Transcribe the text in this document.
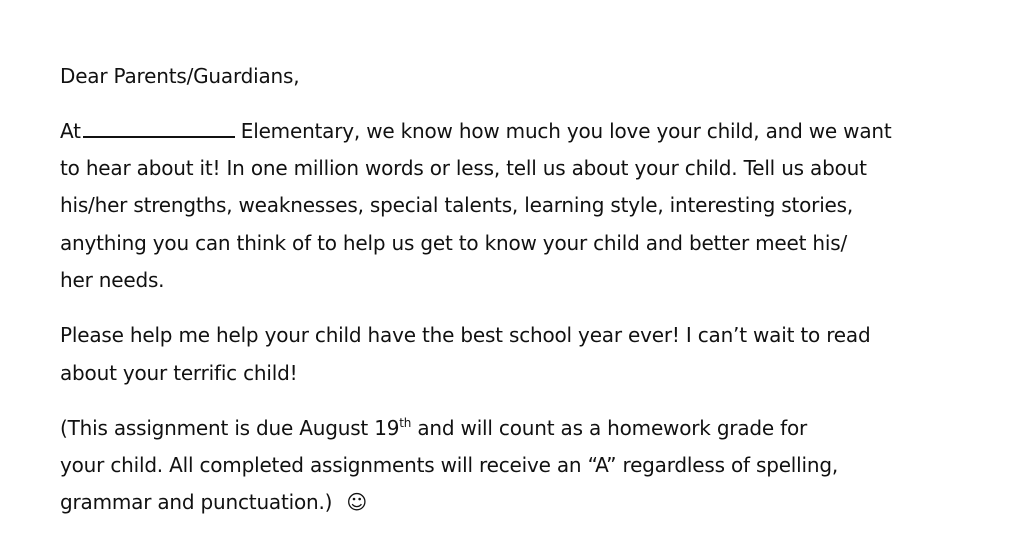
Dear Parents/Guardians,
At	Elementary, we know how much you love your child, and we want
to hear about it! In one million words or less, tell us about your child. Tell us about
his/her strengths, weaknesses, special talents, learning style, interesting stories,
anything you can think of to help us get to know your child and better meet his/
her needs.
Please help me help your child have the best school year ever! I can’t wait to read
about your terrific child!
(This assignment is due August 19th and will count as a homework grade for
your child. All completed assignments will receive an “A” regardless of spelling,
grammar and punctuation.) ☺
